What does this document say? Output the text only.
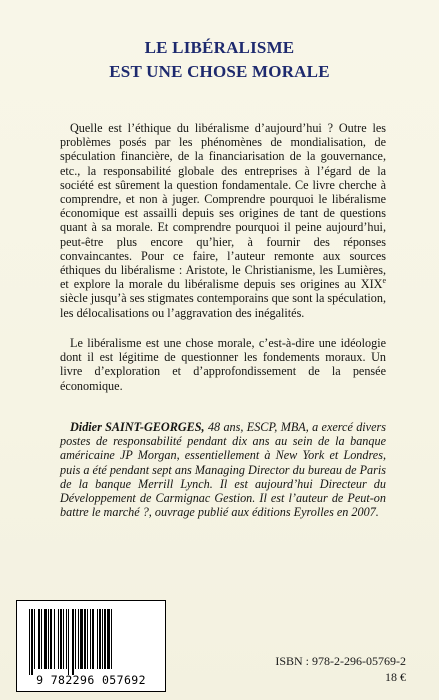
LE LIBÉRALISME
EST UNE CHOSE MORALE

Quelle est l’éthique du libéralisme d’aujourd’hui ? Outre les problèmes posés par les phénomènes de mondialisation, de spéculation financière, de la financiarisation de la gouvernance, etc., la responsabilité globale des entreprises à l’égard de la société est sûrement la question fondamentale. Ce livre cherche à comprendre, et non à juger. Comprendre pourquoi le libéralisme économique est assailli depuis ses origines de tant de questions quant à sa morale. Et comprendre pourquoi il peine aujourd’hui, peut-être plus encore qu’hier, à fournir des réponses convaincantes. Pour ce faire, l’auteur remonte aux sources éthiques du libéralisme : Aristote, le Christianisme, les Lumières, et explore la morale du libéralisme depuis ses origines au XIXe siècle jusqu’à ses stigmates contemporains que sont la spéculation, les délocalisations ou l’aggravation des inégalités.

Le libéralisme est une chose morale, c’est-à-dire une idéologie dont il est légitime de questionner les fondements moraux. Un livre d’exploration et d’approfondissement de la pensée économique.

Didier SAINT-GEORGES, 48 ans, ESCP, MBA, a exercé divers postes de responsabilité pendant dix ans au sein de la banque américaine JP Morgan, essentiellement à New York et Londres, puis a été pendant sept ans Managing Director du bureau de Paris de la banque Merrill Lynch. Il est aujourd’hui Directeur du Développement de Carmignac Gestion. Il est l’auteur de Peut-on battre le marché ?, ouvrage publié aux éditions Eyrolles en 2007.

9 782296 057692
ISBN : 978-2-296-05769-2
18 €
